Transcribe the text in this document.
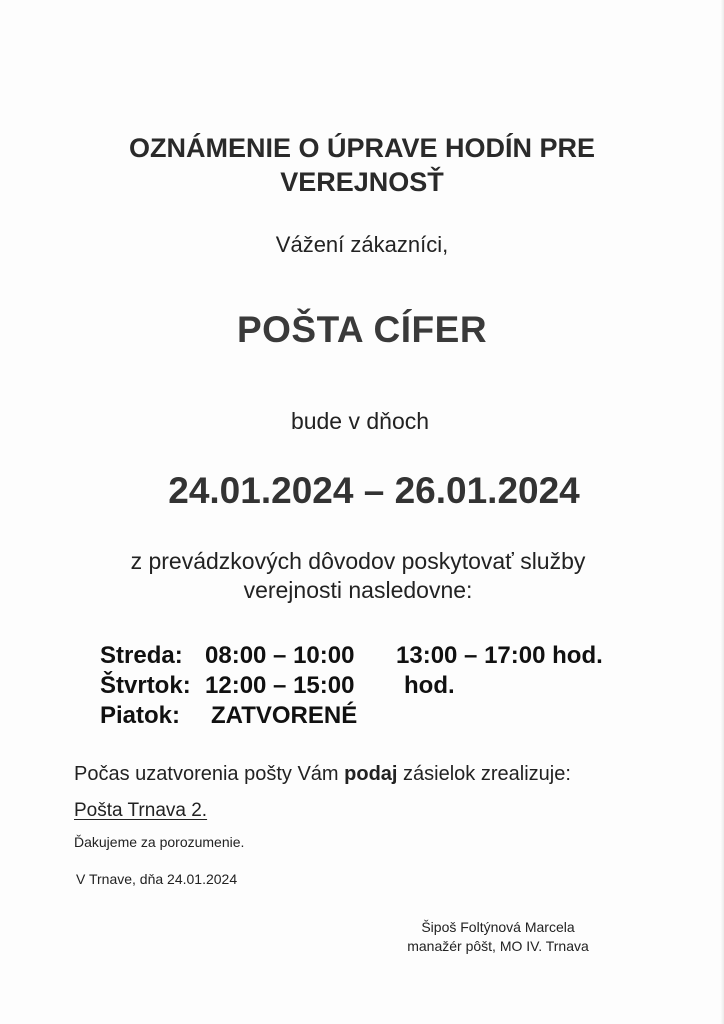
OZNÁMENIE O ÚPRAVE HODÍN PRE
VEREJNOSŤ
Vážení zákazníci,
POŠTA CÍFER
bude v dňoch
24.01.2024 – 26.01.2024
z prevádzkových dôvodov poskytovať služby
verejnosti nasledovne:
Streda: 08:00 – 10:00 13:00 – 17:00 hod.
Štvrtok: 12:00 – 15:00 hod.
Piatok: ZATVORENÉ
Počas uzatvorenia pošty Vám podaj zásielok zrealizuje:
Pošta Trnava 2.
Ďakujeme za porozumenie.
V Trnave, dňa 24.01.2024
Šipoš Foltýnová Marcela
manažér pôšt, MO IV. Trnava
